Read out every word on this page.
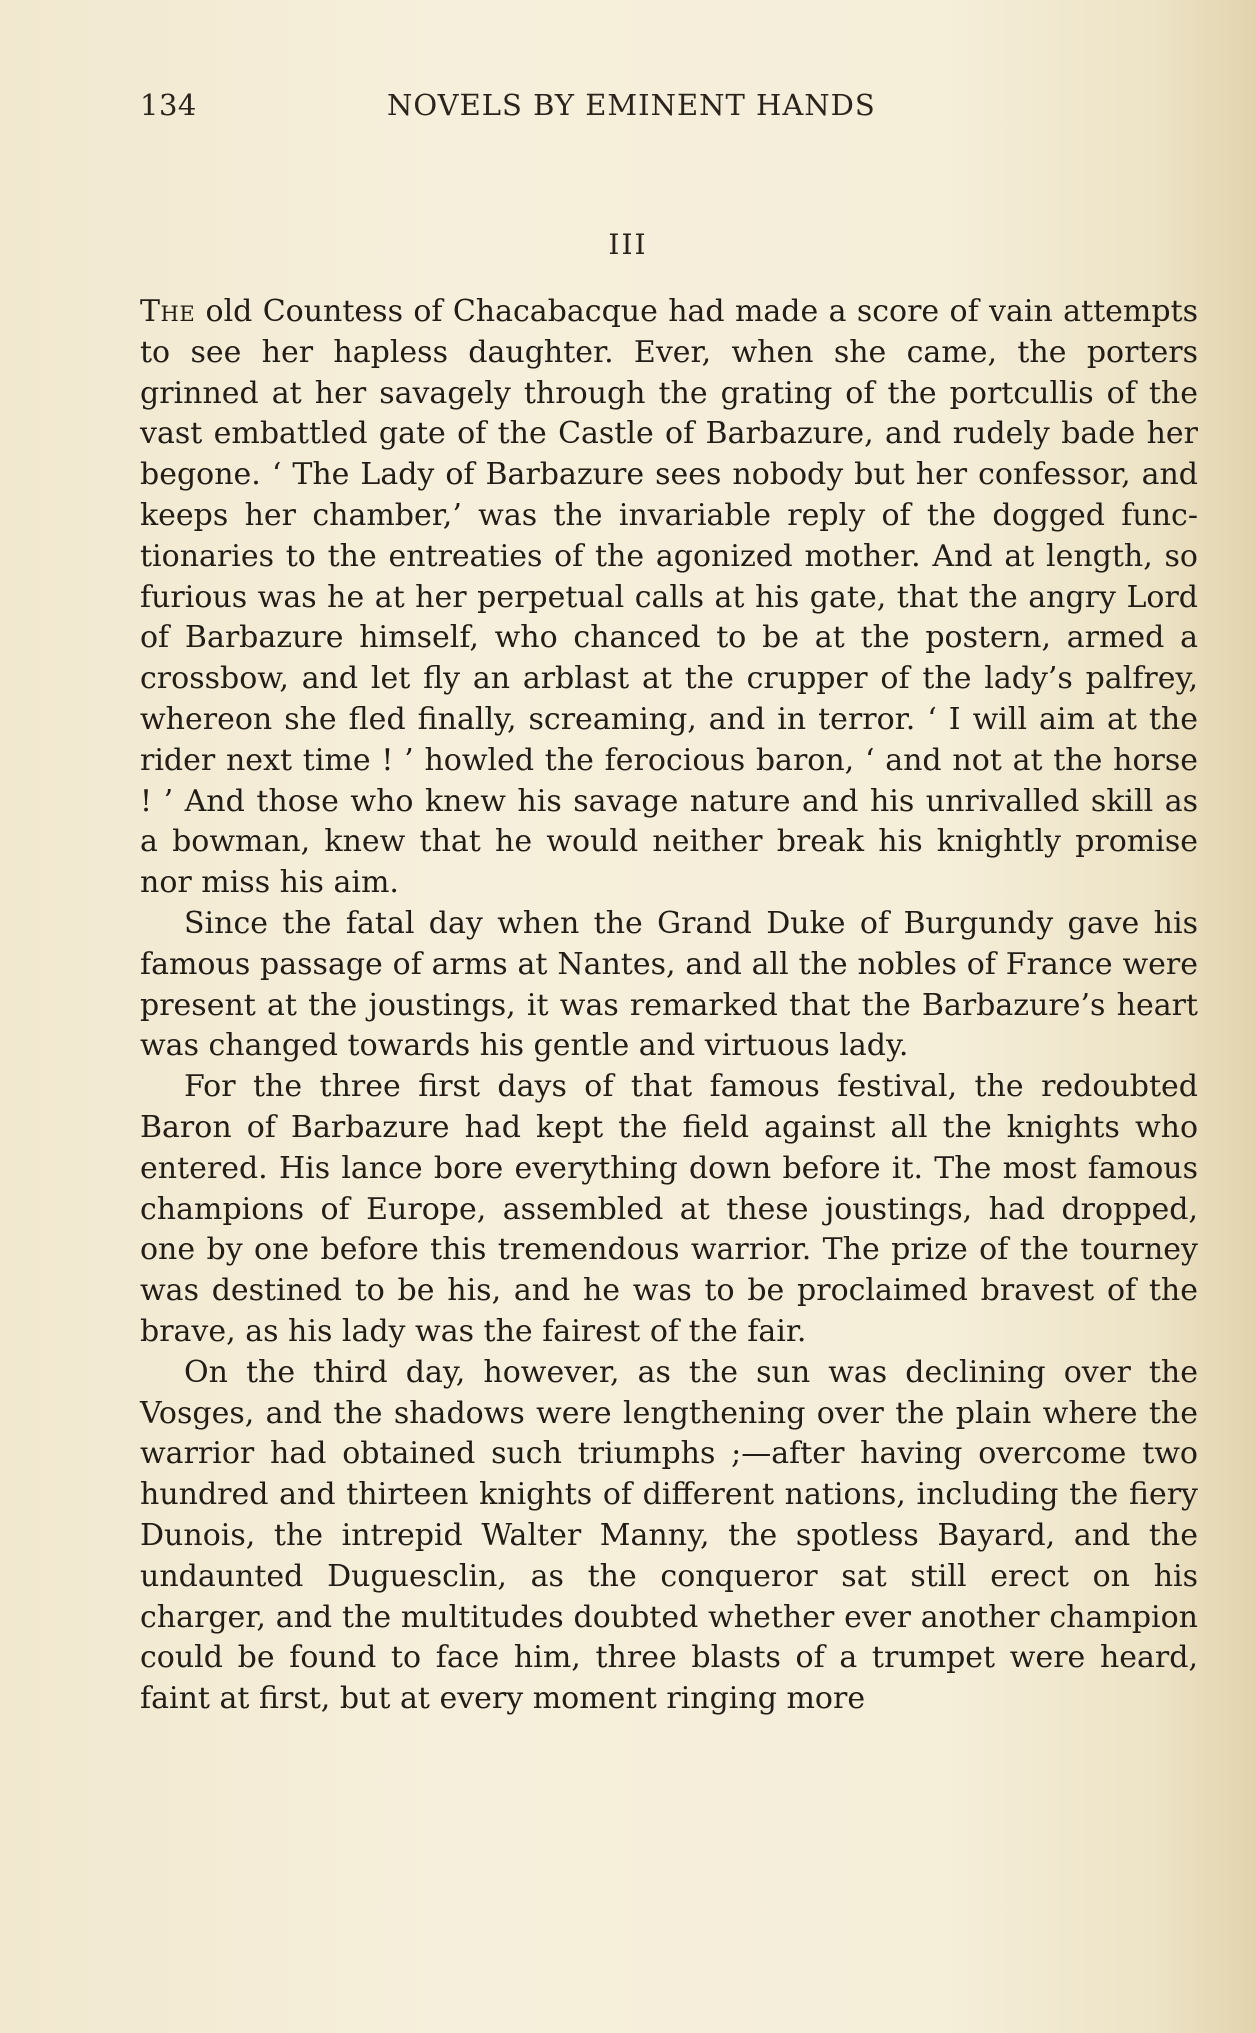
134	NOVELS BY EMINENT HANDS
III

The old Countess of Chacabacque had made a score of vain attempts to see her hapless daughter. Ever, when she came, the porters grinned at her savagely through the grating of the portcullis of the vast embattled gate of the Castle of Barbazure, and rudely bade her begone. ‘ The Lady of Barbazure sees nobody but her confessor, and keeps her chamber,’ was the invariable reply of the dogged functionaries to the entreaties of the agonized mother. And at length, so furious was he at her perpetual calls at his gate, that the angry Lord of Barbazure himself, who chanced to be at the postern, armed a crossbow, and let fly an arblast at the crupper of the lady’s palfrey, whereon she fled finally, screaming, and in terror. ‘ I will aim at the rider next time ! ’ howled the ferocious baron, ‘ and not at the horse ! ’ And those who knew his savage nature and his unrivalled skill as a bowman, knew that he would neither break his knightly promise nor miss his aim.

Since the fatal day when the Grand Duke of Burgundy gave his famous passage of arms at Nantes, and all the nobles of France were present at the joustings, it was remarked that the Barbazure’s heart was changed towards his gentle and virtuous lady.

For the three first days of that famous festival, the redoubted Baron of Barbazure had kept the field against all the knights who entered. His lance bore everything down before it. The most famous champions of Europe, assembled at these joustings, had dropped, one by one before this tremendous warrior. The prize of the tourney was destined to be his, and he was to be proclaimed bravest of the brave, as his lady was the fairest of the fair.

On the third day, however, as the sun was declining over the Vosges, and the shadows were lengthening over the plain where the warrior had obtained such triumphs ;—after having overcome two hundred and thirteen knights of different nations, including the fiery Dunois, the intrepid Walter Manny, the spotless Bayard, and the undaunted Duguesclin, as the conqueror sat still erect on his charger, and the multitudes doubted whether ever another champion could be found to face him, three blasts of a trumpet were heard, faint at first, but at every moment ringing more
